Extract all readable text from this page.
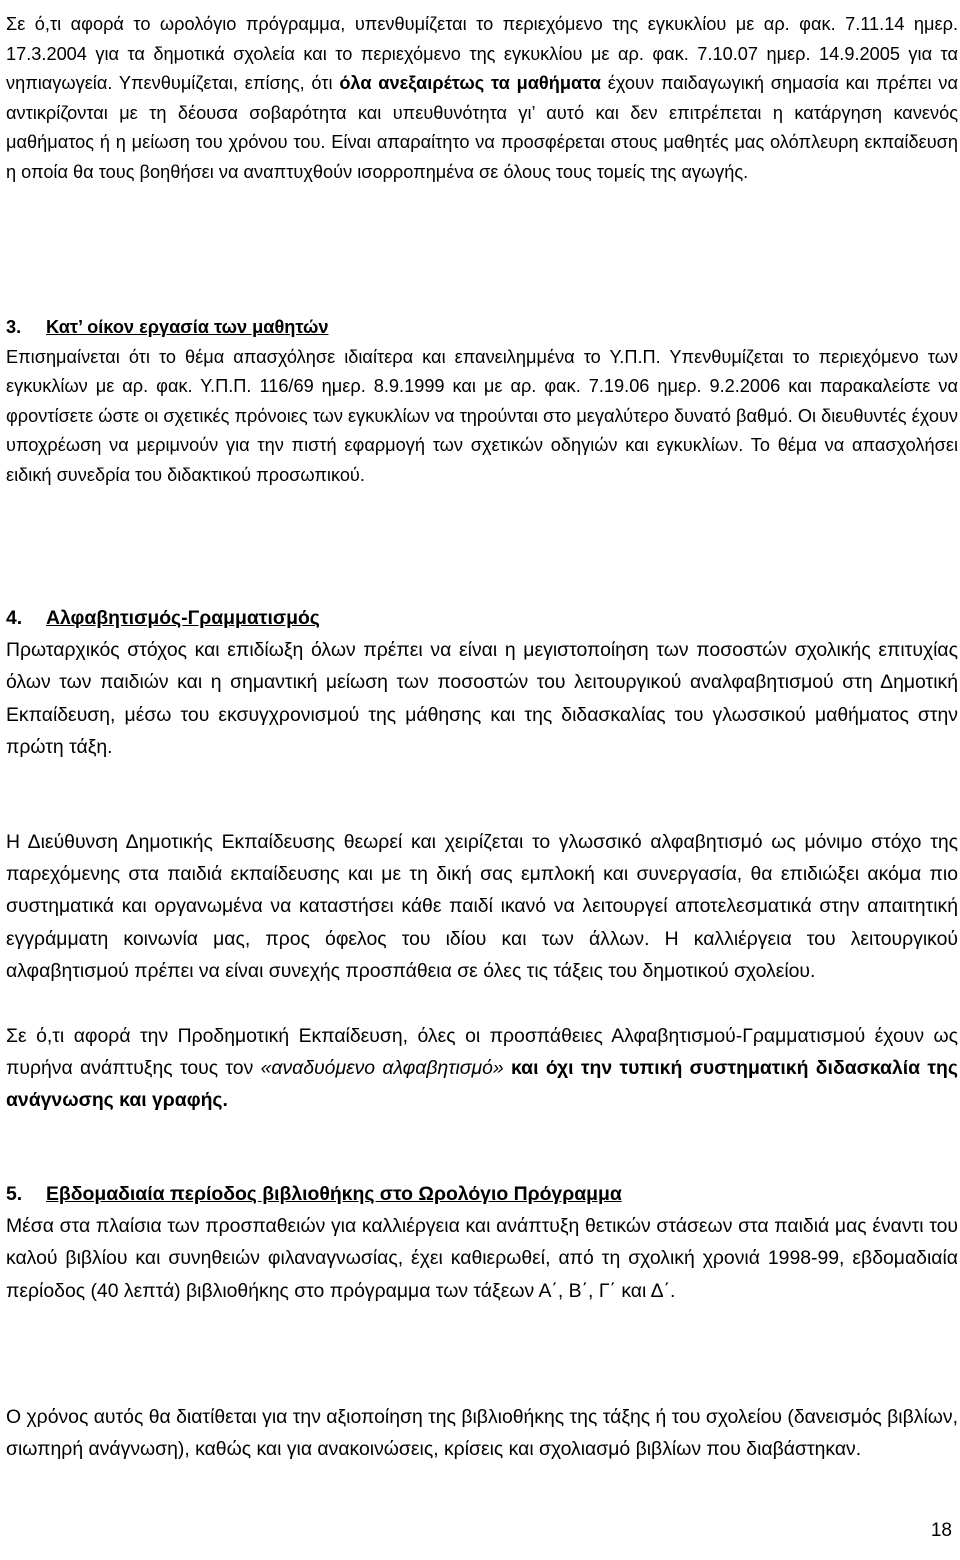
Σε ό,τι αφορά το ωρολόγιο πρόγραμμα, υπενθυμίζεται το περιεχόμενο της εγκυκλίου με αρ. φακ. 7.11.14 ημερ. 17.3.2004 για τα δημοτικά σχολεία και το περιεχόμενο της εγκυκλίου με αρ. φακ. 7.10.07 ημερ. 14.9.2005 για τα νηπιαγωγεία. Υπενθυμίζεται, επίσης, ότι όλα ανεξαιρέτως τα μαθήματα έχουν παιδαγωγική σημασία και πρέπει να αντικρίζονται με τη δέουσα σοβαρότητα και υπευθυνότητα γι’ αυτό και δεν επιτρέπεται η κατάργηση κανενός μαθήματος ή η μείωση του χρόνου του. Είναι απαραίτητο να προσφέρεται στους μαθητές μας ολόπλευρη εκπαίδευση η οποία θα τους βοηθήσει να αναπτυχθούν ισορροπημένα σε όλους τους τομείς της αγωγής.

3. Κατ’ οίκον εργασία των μαθητών

Επισημαίνεται ότι το θέμα απασχόλησε ιδιαίτερα και επανειλημμένα το Υ.Π.Π. Υπενθυμίζεται το περιεχόμενο των εγκυκλίων με αρ. φακ. Υ.Π.Π. 116/69 ημερ. 8.9.1999 και με αρ. φακ. 7.19.06 ημερ. 9.2.2006 και παρακαλείστε να φροντίσετε ώστε οι σχετικές πρόνοιες των εγκυκλίων να τηρούνται στο μεγαλύτερο δυνατό βαθμό. Οι διευθυντές έχουν υποχρέωση να μεριμνούν για την πιστή εφαρμογή των σχετικών οδηγιών και εγκυκλίων. Το θέμα να απασχολήσει ειδική συνεδρία του διδακτικού προσωπικού.

4. Αλφαβητισμός-Γραμματισμός

Πρωταρχικός στόχος και επιδίωξη όλων πρέπει να είναι η μεγιστοποίηση των ποσοστών σχολικής επιτυχίας όλων των παιδιών και η σημαντική μείωση των ποσοστών του λειτουργικού αναλφαβητισμού στη Δημοτική Εκπαίδευση, μέσω του εκσυγχρονισμού της μάθησης και της διδασκαλίας του γλωσσικού μαθήματος στην πρώτη τάξη.

Η Διεύθυνση Δημοτικής Εκπαίδευσης θεωρεί και χειρίζεται το γλωσσικό αλφαβητισμό ως μόνιμο στόχο της παρεχόμενης στα παιδιά εκπαίδευσης και με τη δική σας εμπλοκή και συνεργασία, θα επιδιώξει ακόμα πιο συστηματικά και οργανωμένα να καταστήσει κάθε παιδί ικανό να λειτουργεί αποτελεσματικά στην απαιτητική εγγράμματη κοινωνία μας, προς όφελος του ιδίου και των άλλων. Η καλλιέργεια του λειτουργικού αλφαβητισμού πρέπει να είναι συνεχής προσπάθεια σε όλες τις τάξεις του δημοτικού σχολείου.

Σε ό,τι αφορά την Προδημοτική Εκπαίδευση, όλες οι προσπάθειες Αλφαβητισμού-Γραμματισμού έχουν ως πυρήνα ανάπτυξης τους τον «αναδυόμενο αλφαβητισμό» και όχι την τυπική συστηματική διδασκαλία της ανάγνωσης και γραφής.

5. Εβδομαδιαία περίοδος βιβλιοθήκης στο Ωρολόγιο Πρόγραμμα

Μέσα στα πλαίσια των προσπαθειών για καλλιέργεια και ανάπτυξη θετικών στάσεων στα παιδιά μας έναντι του καλού βιβλίου και συνηθειών φιλαναγνωσίας, έχει καθιερωθεί, από τη σχολική χρονιά 1998-99, εβδομαδιαία περίοδος (40 λεπτά) βιβλιοθήκης στο πρόγραμμα των τάξεων Α΄, Β΄, Γ΄ και Δ΄.

Ο χρόνος αυτός θα διατίθεται για την αξιοποίηση της βιβλιοθήκης της τάξης ή του σχολείου (δανεισμός βιβλίων, σιωπηρή ανάγνωση), καθώς και για ανακοινώσεις, κρίσεις και σχολιασμό βιβλίων που διαβάστηκαν.

18
